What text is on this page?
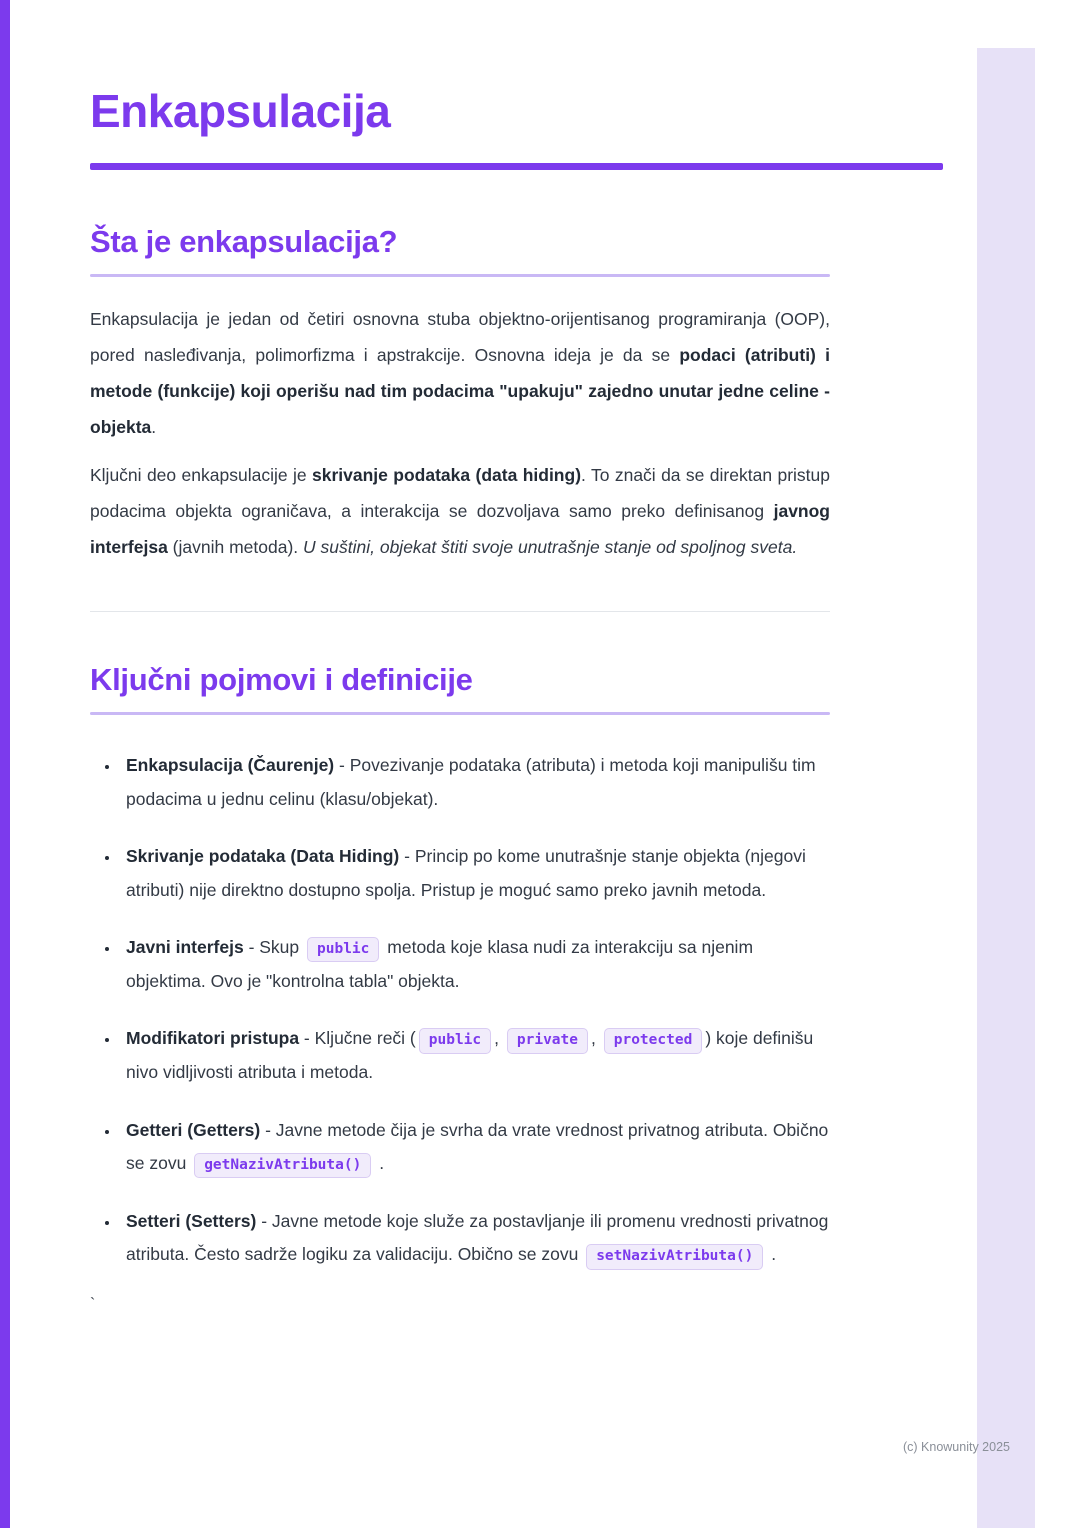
Enkapsulacija
Šta je enkapsulacija?
Enkapsulacija je jedan od četiri osnovna stuba objektno-orijentisanog programiranja (OOP), pored nasleđivanja, polimorfizma i apstrakcije. Osnovna ideja je da se podaci (atributi) i metode (funkcije) koji operišu nad tim podacima "upakuju" zajedno unutar jedne celine - objekta.
Ključni deo enkapsulacije je skrivanje podataka (data hiding). To znači da se direktan pristup podacima objekta ograničava, a interakcija se dozvoljava samo preko definisanog javnog interfejsa (javnih metoda). U suštini, objekat štiti svoje unutrašnje stanje od spoljnog sveta.
Ključni pojmovi i definicije
• Enkapsulacija (Čaurenje) - Povezivanje podataka (atributa) i metoda koji manipulišu tim podacima u jednu celinu (klasu/objekat).
• Skrivanje podataka (Data Hiding) - Princip po kome unutrašnje stanje objekta (njegovi atributi) nije direktno dostupno spolja. Pristup je moguć samo preko javnih metoda.
• Javni interfejs - Skup public metoda koje klasa nudi za interakciju sa njenim objektima. Ovo je "kontrolna tabla" objekta.
• Modifikatori pristupa - Ključne reči ( public , private , protected ) koje definišu nivo vidljivosti atributa i metoda.
• Getteri (Getters) - Javne metode čija je svrha da vrate vrednost privatnog atributa. Obično se zovu getNazivAtributa() .
• Setteri (Setters) - Javne metode koje služe za postavljanje ili promenu vrednosti privatnog atributa. Često sadrže logiku za validaciju. Obično se zovu setNazivAtributa() .
`
(c) Knowunity 2025
